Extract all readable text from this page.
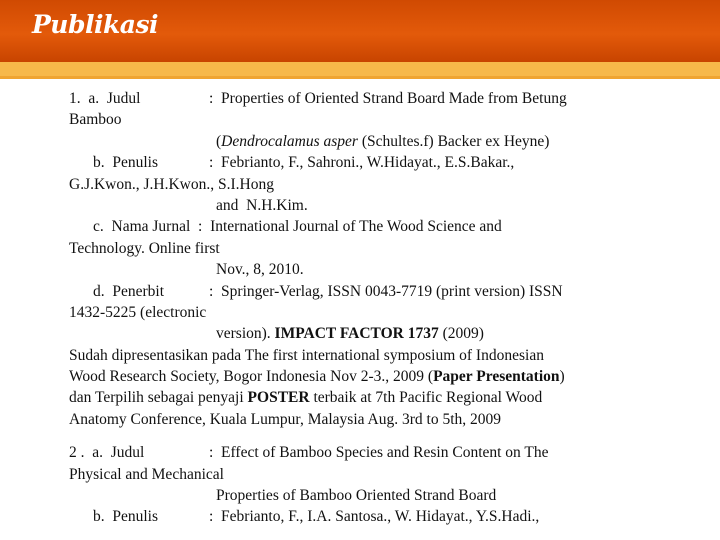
Publikasi
1.  a.  Judul	:  Properties of Oriented Strand Board Made from Betung
Bamboo
(Dendrocalamus asper (Schultes.f) Backer ex Heyne)
b.  Penulis	:  Febrianto, F., Sahroni., W.Hidayat., E.S.Bakar.,
G.J.Kwon., J.H.Kwon., S.I.Hong
and  N.H.Kim.
c.  Nama Jurnal  :  International Journal of The Wood Science and
Technology. Online first
Nov., 8, 2010.
d.  Penerbit	:  Springer-Verlag, ISSN 0043-7719 (print version) ISSN
1432-5225 (electronic
version). IMPACT FACTOR 1737 (2009)
Sudah dipresentasikan pada The first international symposium of Indonesian
Wood Research Society, Bogor Indonesia Nov 2-3., 2009 (Paper Presentation)
dan Terpilih sebagai penyaji POSTER terbaik at 7th Pacific Regional Wood
Anatomy Conference, Kuala Lumpur, Malaysia Aug. 3rd to 5th, 2009
2 .  a.  Judul	:  Effect of Bamboo Species and Resin Content on The
Physical and Mechanical
Properties of Bamboo Oriented Strand Board
b.  Penulis	:  Febrianto, F., I.A. Santosa., W. Hidayat., Y.S.Hadi.,
